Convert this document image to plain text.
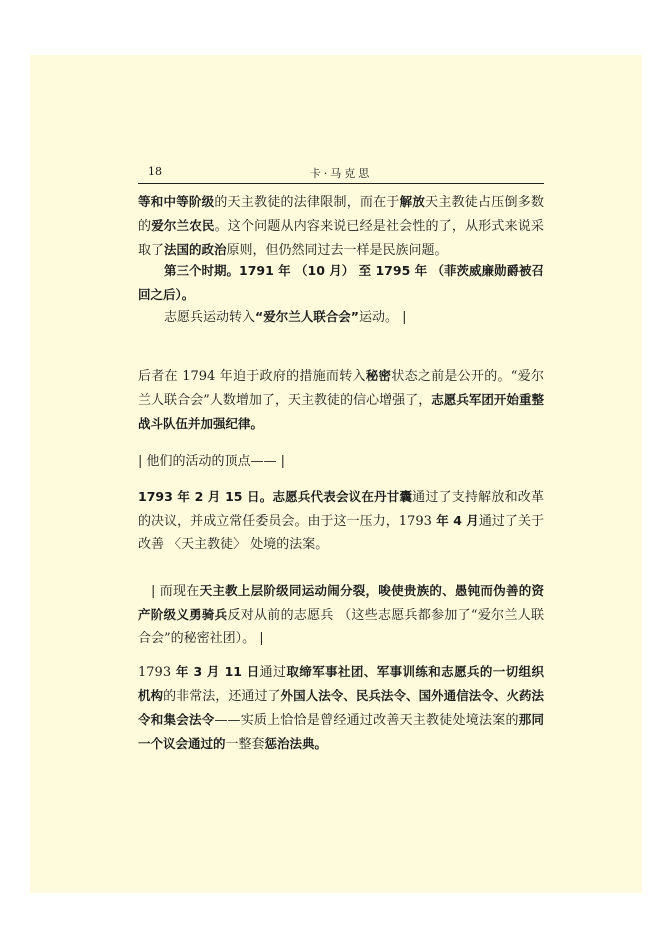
18	卡·马克思

等和中等阶级的天主教徒的法律限制，而在于解放天主教徒占压倒多数的爱尔兰农民。这个问题从内容来说已经是社会性的了，从形式来说采取了法国的政治原则，但仍然同过去一样是民族问题。

第三个时期。1791 年 （10 月） 至 1795 年 （菲茨威廉勋爵被召回之后）。

志愿兵运动转入“爱尔兰人联合会”运动。 |

后者在 1794 年迫于政府的措施而转入秘密状态之前是公开的。“爱尔兰人联合会”人数增加了，天主教徒的信心增强了，志愿兵军团开始重整战斗队伍并加强纪律。

| 他们的活动的顶点—— |

1793 年 2 月 15 日。志愿兵代表会议在丹甘囊通过了支持解放和改革的决议，并成立常任委员会。由于这一压力，1793 年 4 月通过了关于改善 〈天主教徒〉 处境的法案。

| 而现在天主教上层阶级同运动闹分裂，唆使贵族的、愚钝而伪善的资产阶级义勇骑兵反对从前的志愿兵 （这些志愿兵都参加了“爱尔兰人联合会”的秘密社团）。 |

1793 年 3 月 11 日通过取缔军事社团、军事训练和志愿兵的一切组织机构的非常法，还通过了外国人法令、民兵法令、国外通信法令、火药法令和集会法令——实质上恰恰是曾经通过改善天主教徒处境法案的那同一个议会通过的一整套惩治法典。
